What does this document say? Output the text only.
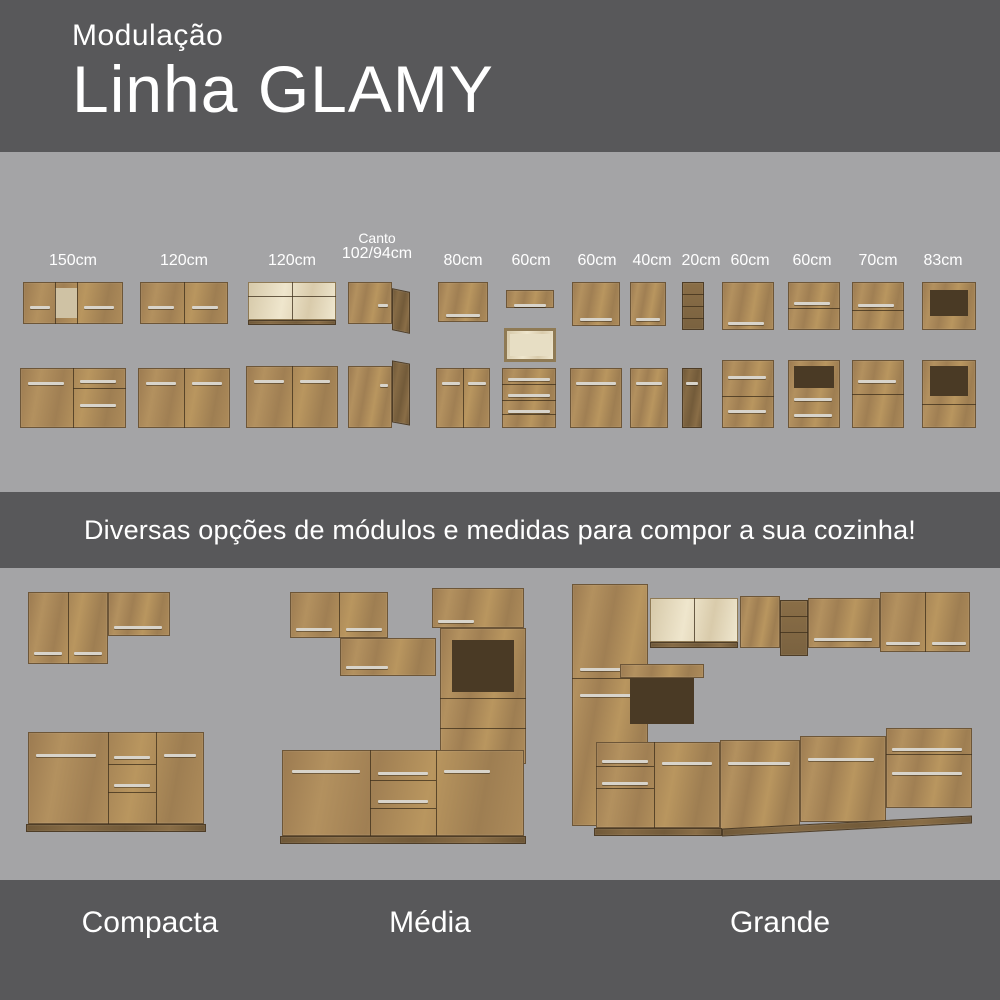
Modulação
Linha GLAMY
Canto
102/94cm
150cm	120cm	120cm	80cm	60cm	60cm 40cm 20cm 60cm	60cm	70cm	83cm
Diversas opções de módulos e medidas para compor a sua cozinha!
Compacta	Média	Grande
